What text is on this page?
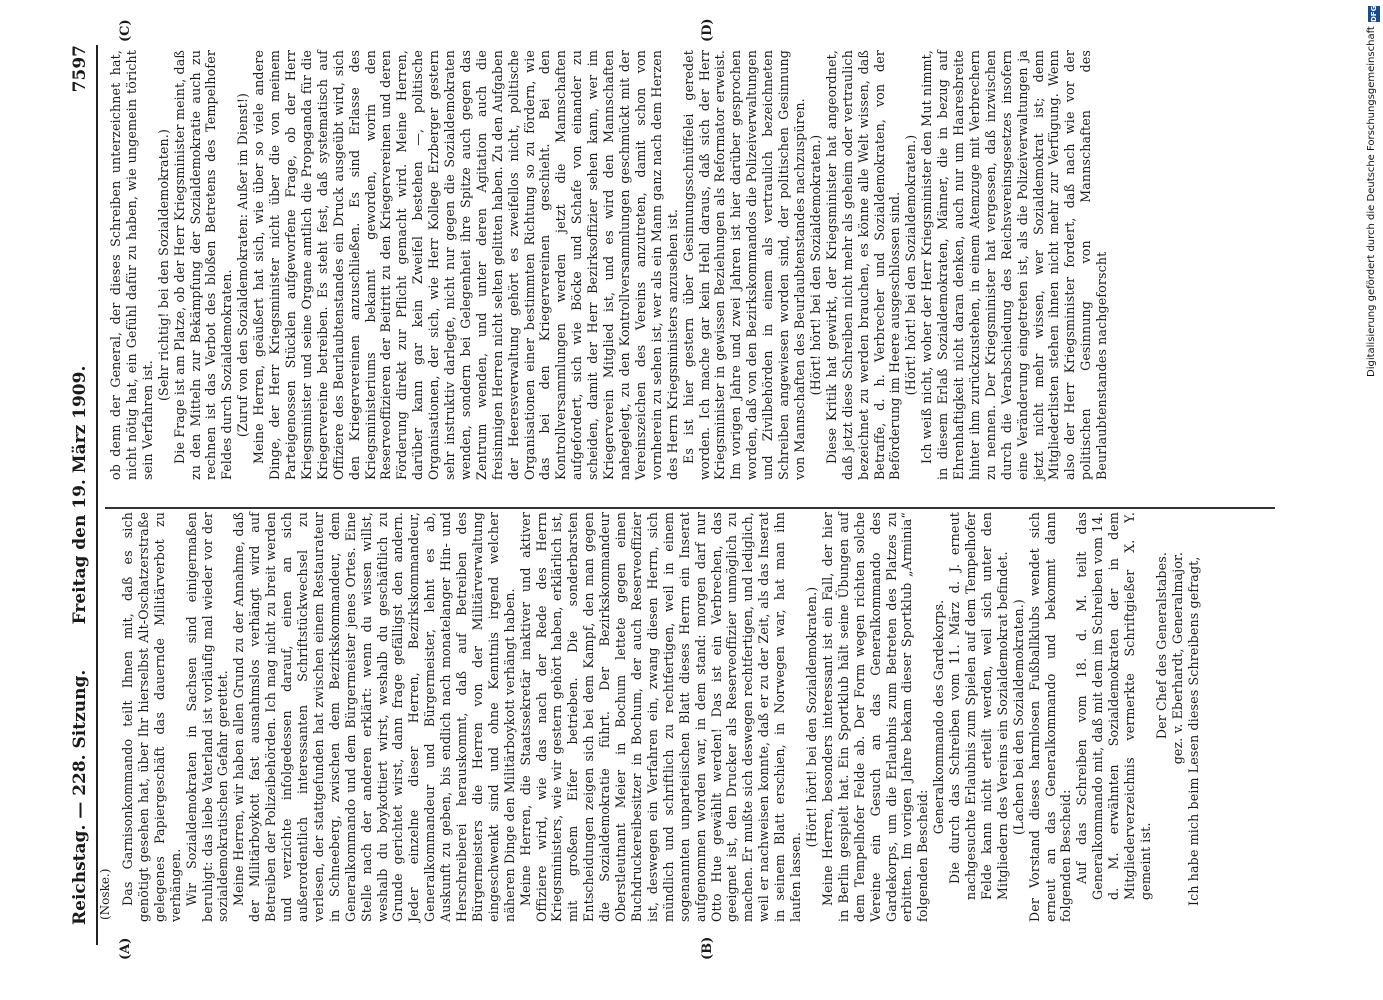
Reichstag. — 228. Sitzung.
Freitag den 19. März 1909.
7597
(Noske.)
(A)	(B)
(C)	(D)

Das Garnisonkommando teilt Ihnen mit, daß es sich genötigt gesehen hat, über Ihr hierselbst Alt-Oschatzerstraße gelegenes Papiergeschäft das dauernde Militärverbot zu verhängen. Wir Sozialdemokraten in Sachsen sind einigermaßen beruhigt: das liebe Vaterland ist vorläufig mal wieder vor der sozialdemokratischen Gefahr gerettet. Meine Herren, wir haben allen Grund zu der Annahme, daß der Militärboykott fast ausnahmslos verhängt wird auf Betreiben der Polizeibehörden. Ich mag nicht zu breit werden und verzichte infolgedessen darauf, einen an sich außerordentlich interessanten Schriftstückwechsel zu verlesen, der stattgefunden hat zwischen einem Restaurateur in Schneeberg, zwischen dem Bezirkskommandeur, dem Generalkommando und dem Bürgermeister jenes Ortes. Eine Stelle nach der anderen erklärt: wenn du wissen willst, weshalb du boykottiert wirst, weshalb du geschäftlich zu Grunde gerichtet wirst, dann frage gefälligst den andern. Jeder einzelne dieser Herren, Bezirkskommandeur, Generalkommandeur und Bürgermeister, lehnt es ab, Auskunft zu geben, bis endlich nach monatelanger Hin- und Herschreiberei herauskommt, daß auf Betreiben des Bürgermeisters die Herren von der Militärverwaltung eingeschwenkt sind und ohne Kenntnis irgend welcher näheren Dinge den Militärboykott verhängt haben. Meine Herren, die Staatssekretär inaktiver und aktiver Offiziere wird, wie das nach der Rede des Herrn Kriegsministers, wie wir gestern gehört haben, erklärlich ist, mit großem Eifer betrieben. Die sonderbarsten Entscheidungen zeigen sich bei dem Kampf, den man gegen die Sozialdemokratie führt. Der Bezirkskommandeur Oberstleutnant Meier in Bochum lettete gegen einen Buchdruckereibesitzer in Bochum, der auch Reserveoffizier ist, deswegen ein Verfahren ein, zwang diesen Herrn, sich mündlich und schriftlich zu rechtfertigen, weil in einem sogenannten unparteiischen Blatt dieses Herrn ein Inserat aufgenommen worden war, in dem stand: morgen darf nur Otto Hue gewählt werden! Das ist ein Verbrechen, das geeignet ist, den Drucker als Reserveoffizier unmöglich zu machen. Er mußte sich deswegen rechtfertigen, und lediglich, weil er nachweisen konnte, daß er zu der Zeit, als das Inserat in seinem Blatt erschien, in Norwegen war, hat man ihn laufen lassen.

(Hört! hört! bei den Sozialdemokraten.) Meine Herren, besonders interessant ist ein Fall, der hier in Berlin gespielt hat. Ein Sportklub hält seine Übungen auf dem Tempelhofer Felde ab. Der Form wegen richten solche Vereine ein Gesuch an das Generalkommando des Gardekorps, um die Erlaubnis zum Betreten des Platzes zu erbitten. Im vorigen Jahre bekam dieser Sportklub „Arminia“ folgenden Bescheid:

Generalkommando des Gardekorps. Die durch das Schreiben vom 11. März d. J. erneut nachgesuchte Erlaubnis zum Spielen auf dem Tempelhofer Felde kann nicht erteilt werden, weil sich unter den Mitgliedern des Vereins ein Sozialdemokrat befindet. (Lachen bei den Sozialdemokraten.) Der Vorstand dieses harmlosen Fußballklubs wendet sich erneut an das Generalkommando und bekommt dann folgenden Bescheid: Auf das Schreiben vom 18. d. M. teilt das Generalkommando mit, daß mit dem im Schreiben vom 14. d. M. erwähnten Sozialdemokraten der in dem Mitgliederverzeichnis vermerkte Schriftgießer X. Y. gemeint ist.

Der Chef des Generalstabes. gez. v. Eberhardt, Generalmajor. Ich habe mich beim Lesen dieses Schreibens gefragt,

ob denn der General, der dieses Schreiben unterzeichnet hat, nicht nötig hat, ein Gefühl dafür zu haben, wie ungemein töricht sein Verfahren ist.

(Sehr richtig! bei den Sozialdemokraten.) Die Frage ist am Platze, ob der Herr Kriegsminister meint, daß zu den Mitteln zur Bekämpfung der Sozialdemokratie auch zu rechnen ist das Verbot des bloßen Betretens des Tempelhofer Feldes durch Sozialdemokraten. (Zuruf von den Sozialdemokraten: Außer im Dienst!) Meine Herren, geäußert hat sich, wie über so viele andere Dinge, der Herr Kriegsminister nicht über die von meinem Parteigenossen Stücklen aufgeworfene Frage, ob der Herr Kriegsminister und seine Organe amtlich die Propaganda für die Kriegervereine betreiben. Es steht fest, daß systematisch auf Offiziere des Beurlaubtenstandes ein Druck ausgeübt wird, sich den Kriegervereinen anzuschließen. Es sind Erlasse des Kriegsministeriums bekannt geworden, worin den Reserveoffizieren der Beitritt zu den Kriegervereinen und deren Förderung direkt zur Pflicht gemacht wird. Meine Herren, darüber kann gar kein Zweifel bestehen —, politische Organisationen, der sich, wie Herr Kollege Erzberger gestern sehr instruktiv darlegte, nicht nur gegen die Sozialdemokraten wenden, sondern bei Gelegenheit ihre Spitze auch gegen das Zentrum wenden, und unter deren Agitation auch die freisinnigen Herren nicht selten gelitten haben. Zu den Aufgaben der Heeresverwaltung gehört es zweifellos nicht, politische Organisationen einer bestimmten Richtung so zu fördern, wie das bei den Kriegervereinen geschieht. Bei den Kontrollversammlungen werden jetzt die Mannschaften aufgefordert, sich wie Böcke und Schafe von einander zu scheiden, damit der Herr Bezirksoffizier sehen kann, wer im Kriegerverein Mitglied ist, und es wird den Mannschaften nahegelegt, zu den Kontrollversammlungen geschmückt mit der Vereinszeichen des Vereins anzutreten, damit schon von vornherein zu sehen ist, wer als ein Mann ganz nach dem Herzen des Herrn Kriegsministers anzusehen ist. Es ist hier gestern über Gesinnungsschnüffelei geredet worden. Ich mache gar kein Hehl daraus, daß sich der Herr Kriegsminister in gewissen Beziehungen als Reformator erweist. Im vorigen Jahre und zwei Jahren ist hier darüber gesprochen worden, daß von den Bezirkskommandos die Polizeiverwaltungen und Zivilbehörden in einem als vertraulich bezeichneten Schreiben angewiesen worden sind, der politischen Gesinnung von Mannschaften des Beurlaubtenstandes nachzuspüren. (Hört! hört! bei den Sozialdemokraten.) Diese Kritik hat gewirkt, der Kriegsminister hat angeordnet, daß jetzt diese Schreiben nicht mehr als geheim oder vertraulich bezeichnet zu werden brauchen, es könne alle Welt wissen, daß Betraffe, d. h. Verbrecher und Sozialdemokraten, von der Beförderung im Heere ausgeschlossen sind. (Hört! hört! bei den Sozialdemokraten.) Ich weiß nicht, woher der Herr Kriegsminister den Mut nimmt, in diesem Erlaß Sozialdemokraten, Männer, die in bezug auf Ehrenhaftigkeit nicht daran denken, auch nur um Haaresbreite hinter ihm zurückzustehen, in einem Atemzuge mit Verbrechern zu nennen. Der Kriegsminister hat vergessen, daß inzwischen durch die Verabschiedung des Reichsvereinsgesetzes insofern eine Veränderung eingetreten ist, als die Polizeiverwaltungen ja jetzt nicht mehr wissen, wer Sozialdemokrat ist; denn Mitgliederlisten stehen ihnen nicht mehr zur Verfügung. Wenn also der Herr Kriegsminister fordert, daß nach wie vor der politischen Gesinnung von Mannschaften des Beurlaubtenstandes nachgeforscht

DFG
Digitalisierung gefördert durch die Deutsche Forschungsgemeinschaft
